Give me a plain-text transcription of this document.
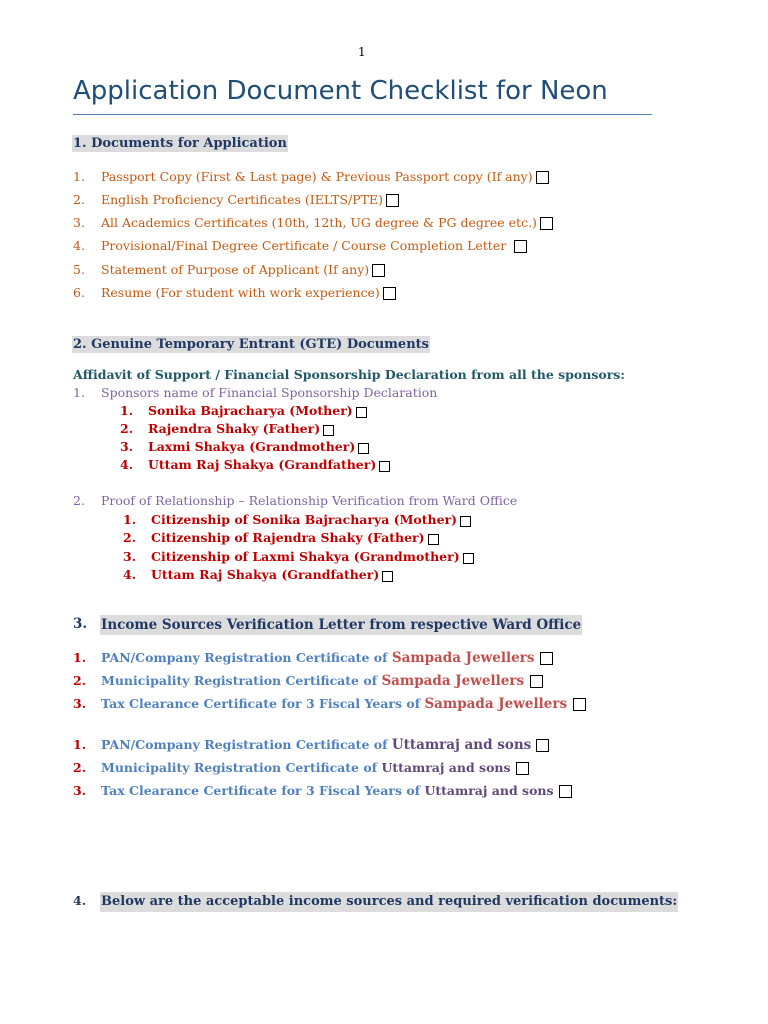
1
Application Document Checklist for Neon
1. Documents for Application
1. Passport Copy (First & Last page) & Previous Passport copy (If any)
2. English Proficiency Certificates (IELTS/PTE)
3. All Academics Certificates (10th, 12th, UG degree & PG degree etc.)
4. Provisional/Final Degree Certificate / Course Completion Letter
5. Statement of Purpose of Applicant (If any)
6. Resume (For student with work experience)
2. Genuine Temporary Entrant (GTE) Documents
Affidavit of Support / Financial Sponsorship Declaration from all the sponsors:
1. Sponsors name of Financial Sponsorship Declaration
1. Sonika Bajracharya (Mother)
2. Rajendra Shaky (Father)
3. Laxmi Shakya (Grandmother)
4. Uttam Raj Shakya (Grandfather)
2. Proof of Relationship – Relationship Verification from Ward Office
1. Citizenship of Sonika Bajracharya (Mother)
2. Citizenship of Rajendra Shaky (Father)
3. Citizenship of Laxmi Shakya (Grandmother)
4. Uttam Raj Shakya (Grandfather)
3. Income Sources Verification Letter from respective Ward Office
1. PAN/Company Registration Certificate of Sampada Jewellers
2. Municipality Registration Certificate of Sampada Jewellers
3. Tax Clearance Certificate for 3 Fiscal Years of Sampada Jewellers
1. PAN/Company Registration Certificate of Uttamraj and sons
2. Municipality Registration Certificate of Uttamraj and sons
3. Tax Clearance Certificate for 3 Fiscal Years of Uttamraj and sons
4. Below are the acceptable income sources and required verification documents:
